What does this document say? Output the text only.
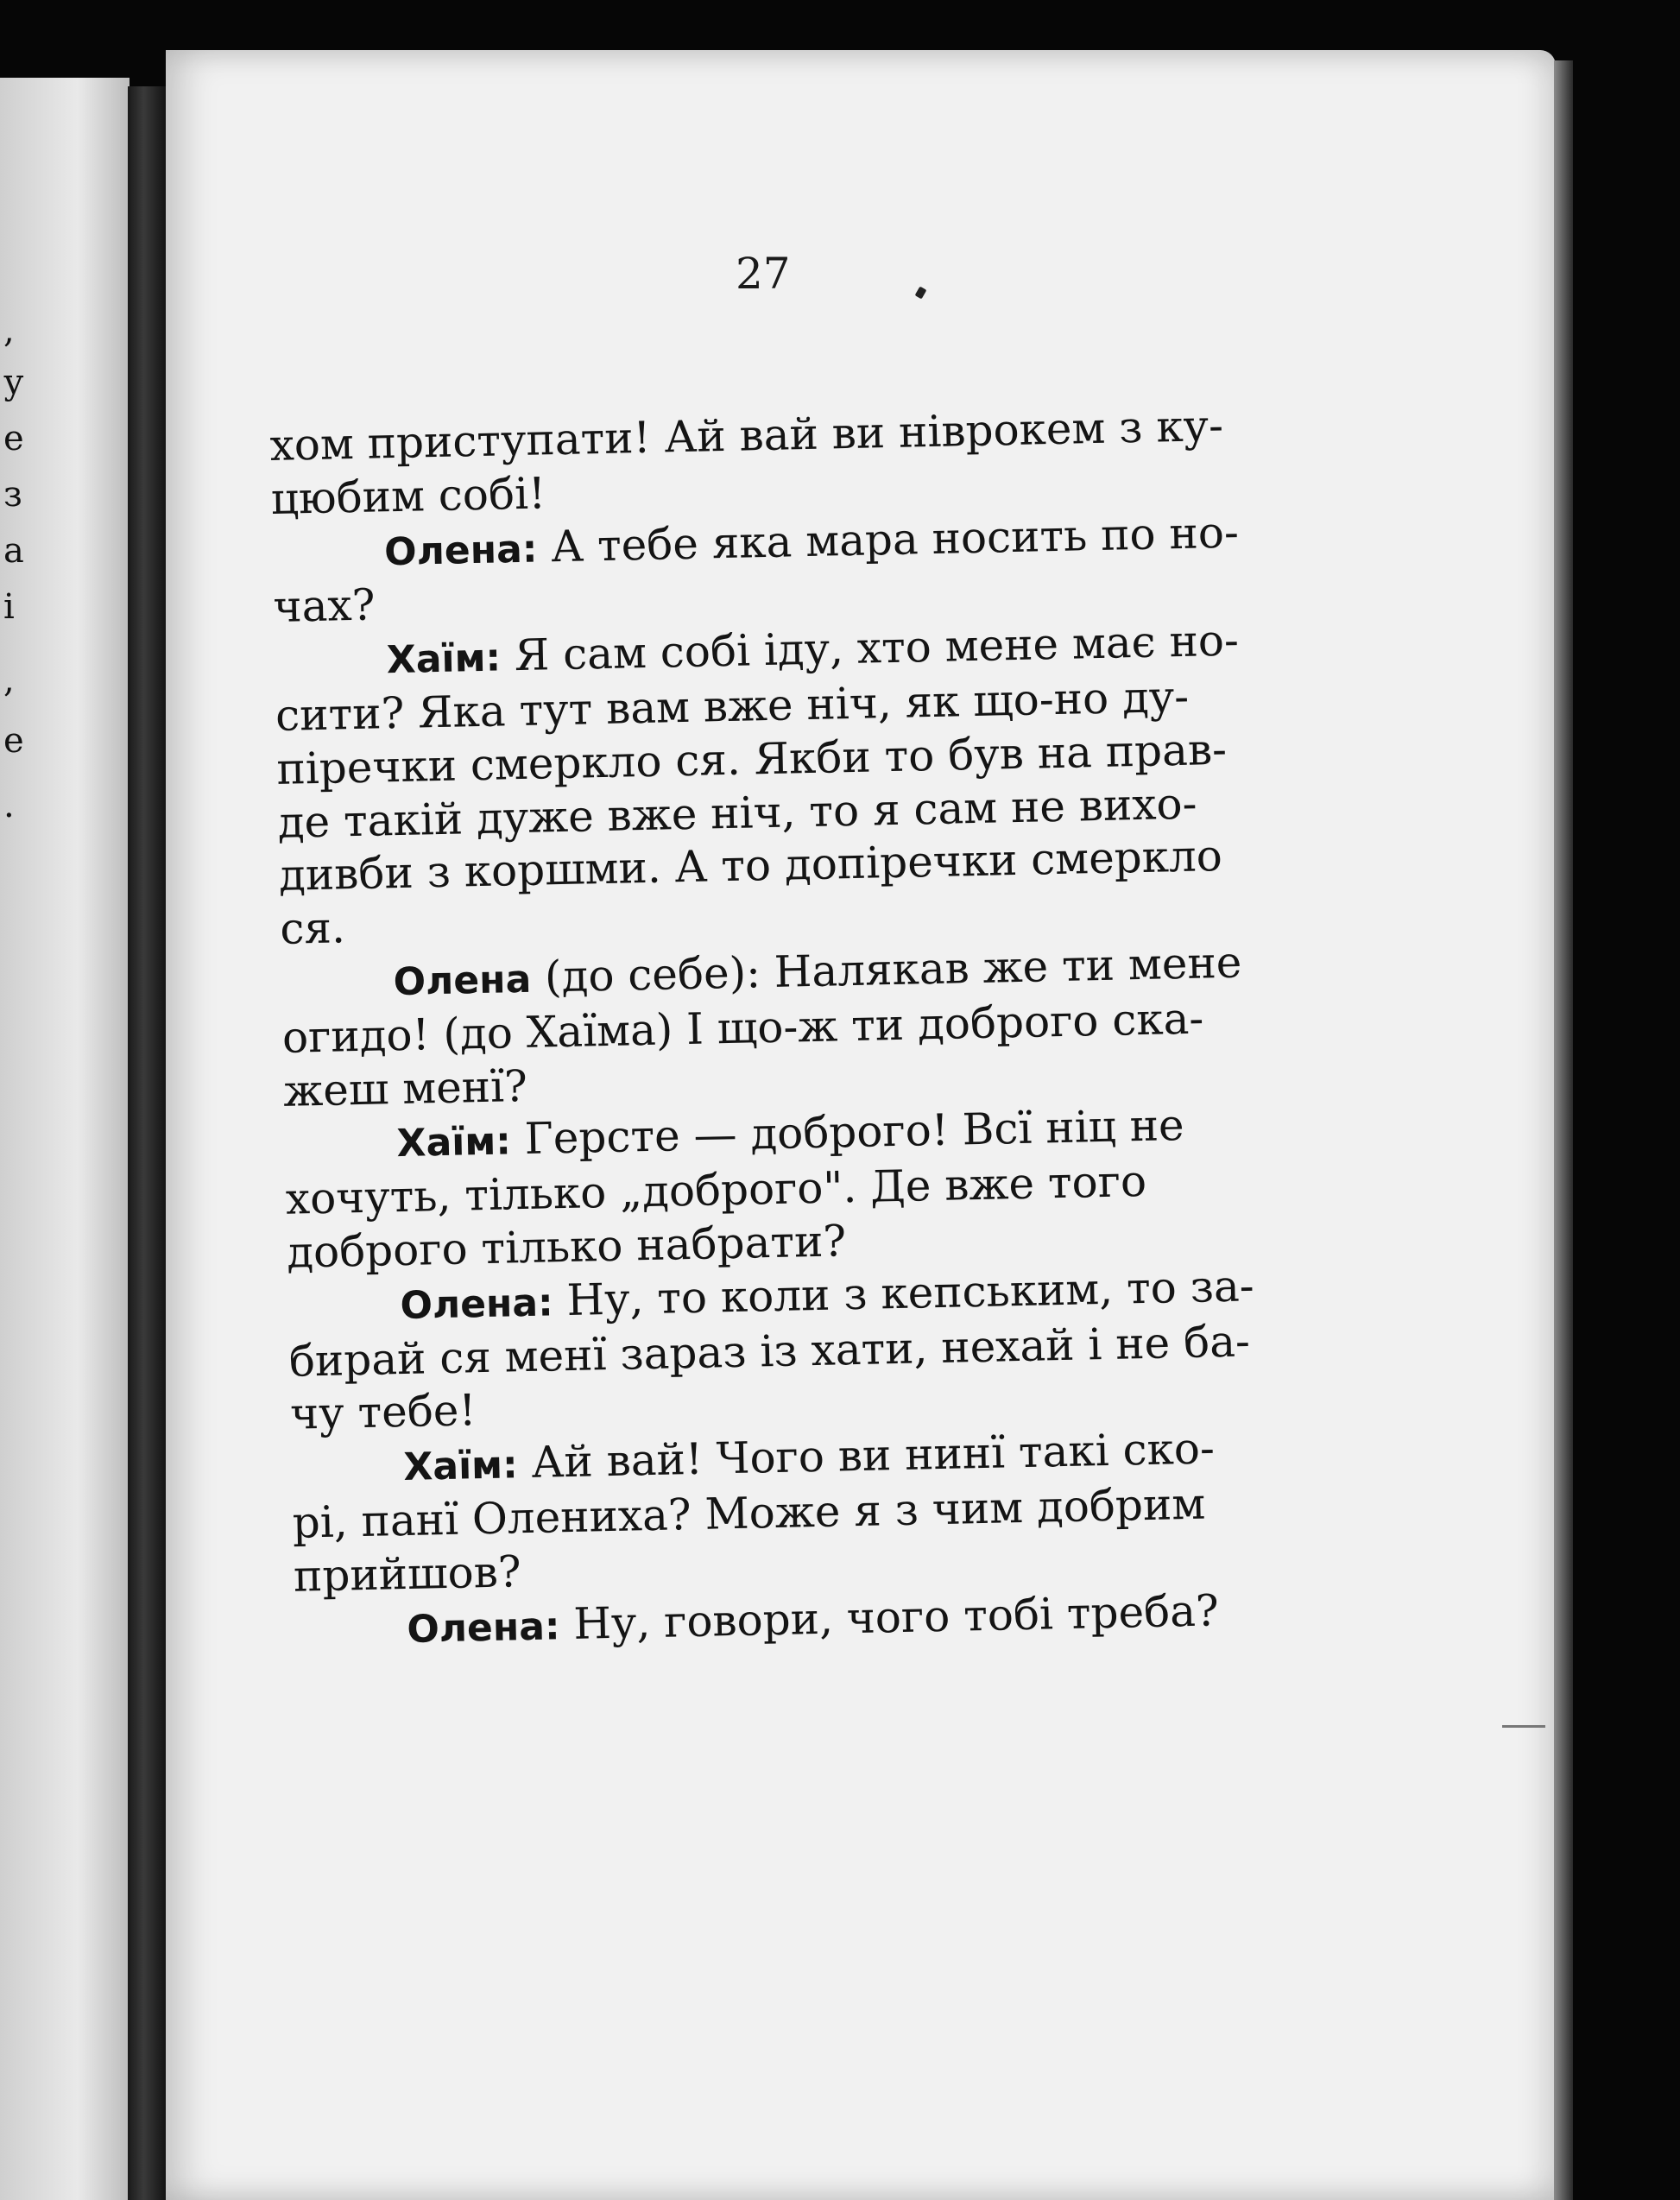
,
у
е
з
а
і
,
е
.
27
хом приступати! Ай вай ви ніврокем з ку-
цюбим собі!
Олена: А тебе яка мара носить по но-
чах?
Хаїм: Я сам собі іду, хто мене має но-
сити? Яка тут вам вже ніч, як що-но ду-
піречки смеркло ся. Якби то був на прав-
де такій дуже вже ніч, то я сам не вихо-
дивби з коршми. А то допіречки смеркло
ся.
Олена (до себе): Налякав же ти мене
огидо! (до Хаїма) І що-ж ти доброго ска-
жеш менї?
Хаїм: Герсте — доброго! Всї ніц не
хочуть, тілько „доброго". Де вже того
доброго тілько набрати?
Олена: Ну, то коли з кепським, то за-
бирай ся менї зараз із хати, нехай і не ба-
чу тебе!
Хаїм: Ай вай! Чого ви нинї такі ско-
рі, панї Олениха? Може я з чим добрим
прийшов?
Олена: Ну, говори, чого тобі треба?
